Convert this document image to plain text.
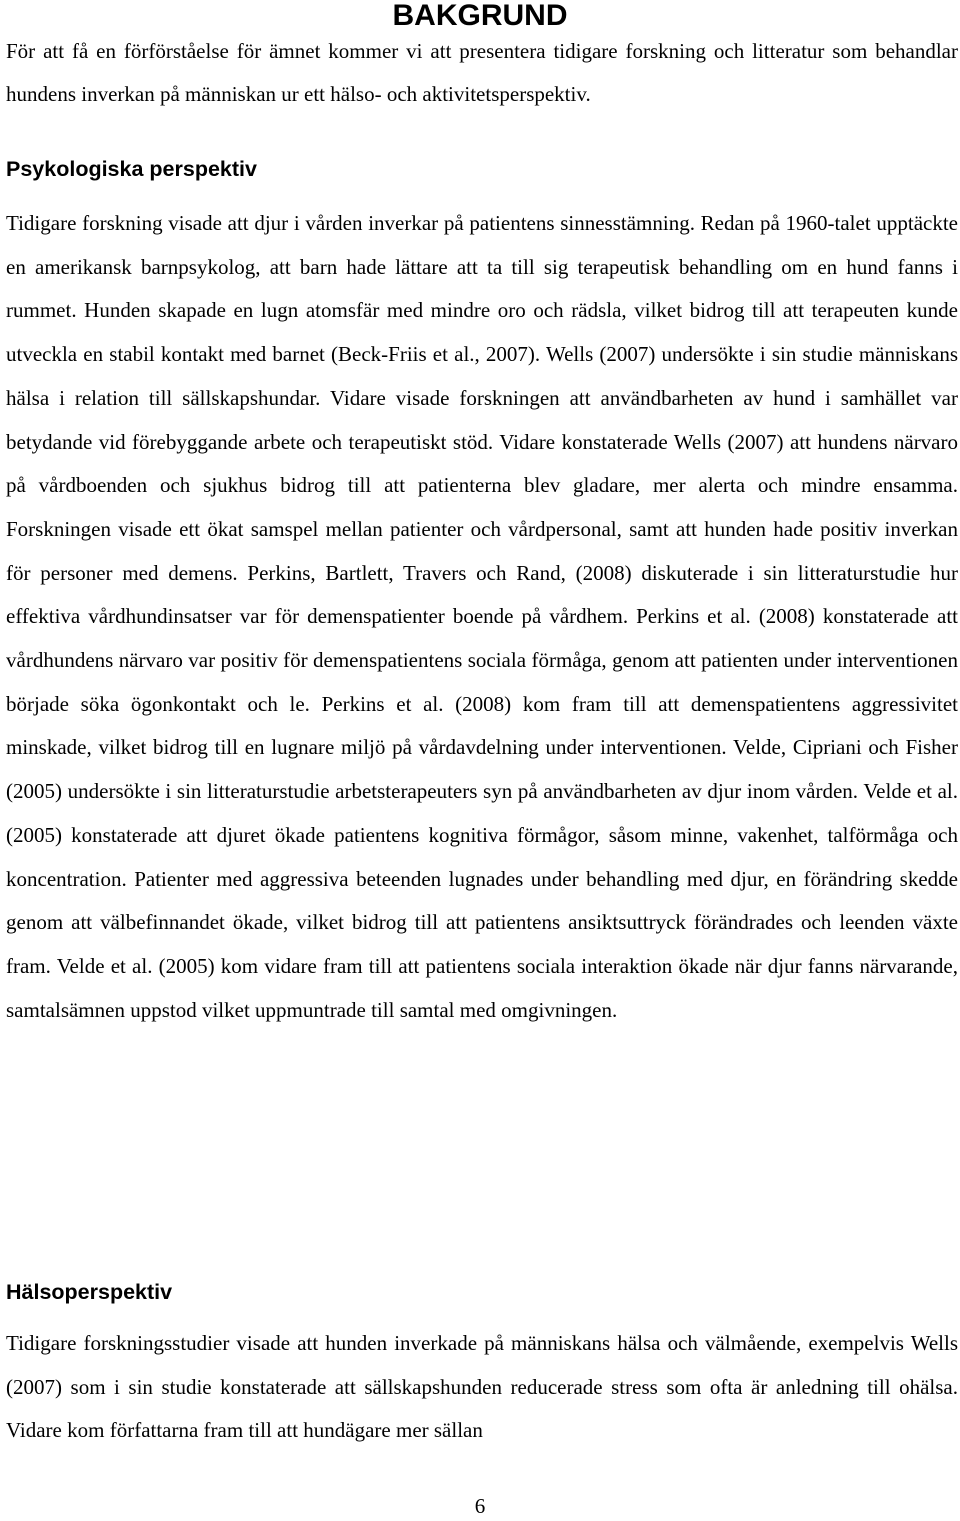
BAKGRUND

För att få en förförståelse för ämnet kommer vi att presentera tidigare forskning och litteratur som behandlar hundens inverkan på människan ur ett hälso- och aktivitetsperspektiv.

Psykologiska perspektiv

Tidigare forskning visade att djur i vården inverkar på patientens sinnesstämning. Redan på 1960-talet upptäckte en amerikansk barnpsykolog, att barn hade lättare att ta till sig terapeutisk behandling om en hund fanns i rummet. Hunden skapade en lugn atomsfär med mindre oro och rädsla, vilket bidrog till att terapeuten kunde utveckla en stabil kontakt med barnet (Beck-Friis et al., 2007). Wells (2007) undersökte i sin studie människans hälsa i relation till sällskapshundar. Vidare visade forskningen att användbarheten av hund i samhället var betydande vid förebyggande arbete och terapeutiskt stöd. Vidare konstaterade Wells (2007) att hundens närvaro på vårdboenden och sjukhus bidrog till att patienterna blev gladare, mer alerta och mindre ensamma. Forskningen visade ett ökat samspel mellan patienter och vårdpersonal, samt att hunden hade positiv inverkan för personer med demens. Perkins, Bartlett, Travers och Rand, (2008) diskuterade i sin litteraturstudie hur effektiva vårdhundinsatser var för demenspatienter boende på vårdhem. Perkins et al. (2008) konstaterade att vårdhundens närvaro var positiv för demenspatientens sociala förmåga, genom att patienten under interventionen började söka ögonkontakt och le. Perkins et al. (2008) kom fram till att demenspatientens aggressivitet minskade, vilket bidrog till en lugnare miljö på vårdavdelning under interventionen. Velde, Cipriani och Fisher (2005) undersökte i sin litteraturstudie arbetsterapeuters syn på användbarheten av djur inom vården. Velde et al. (2005) konstaterade att djuret ökade patientens kognitiva förmågor, såsom minne, vakenhet, talförmåga och koncentration. Patienter med aggressiva beteenden lugnades under behandling med djur, en förändring skedde genom att välbefinnandet ökade, vilket bidrog till att patientens ansiktsuttryck förändrades och leenden växte fram. Velde et al. (2005) kom vidare fram till att patientens sociala interaktion ökade när djur fanns närvarande, samtalsämnen uppstod vilket uppmuntrade till samtal med omgivningen.

Hälsoperspektiv

Tidigare forskningsstudier visade att hunden inverkade på människans hälsa och välmående, exempelvis Wells (2007) som i sin studie konstaterade att sällskapshunden reducerade stress som ofta är anledning till ohälsa. Vidare kom författarna fram till att hundägare mer sällan

6
